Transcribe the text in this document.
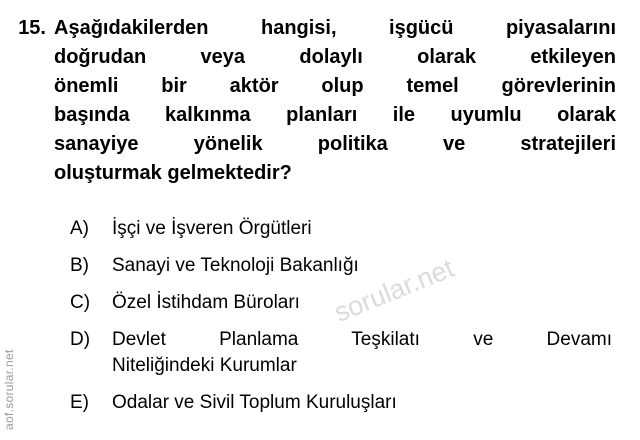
aof.sorular.net
sorular.net
15. Aşağıdakilerden hangisi, işgücü piyasalarını
doğrudan veya dolaylı olarak etkileyen
önemli bir aktör olup temel görevlerinin
başında kalkınma planları ile uyumlu olarak
sanayiye yönelik politika ve stratejileri
oluşturmak gelmektedir?
A)	İşçi ve İşveren Örgütleri
B)	Sanayi ve Teknoloji Bakanlığı
C)	Özel İstihdam Büroları
D)	Devlet Planlama Teşkilatı ve Devamı
Niteliğindeki Kurumlar
E)	Odalar ve Sivil Toplum Kuruluşları
